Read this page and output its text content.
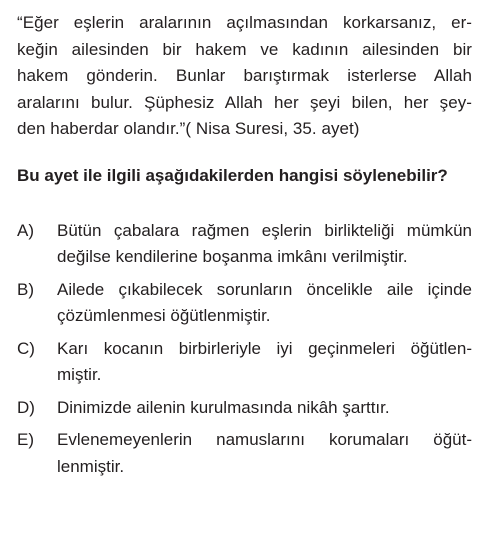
“Eğer eşlerin aralarının açılmasından korkarsanız, er-
keğin ailesinden bir hakem ve kadının ailesinden bir
hakem gönderin. Bunlar barıştırmak isterlerse Allah
aralarını bulur. Şüphesiz Allah her şeyi bilen, her şey-
den haberdar olandır.”( Nisa Suresi, 35. ayet)

Bu ayet ile ilgili aşağıdakilerden hangisi söylenebilir?
A)	Bütün çabalara rağmen eşlerin birlikteliği mümkün
değilse kendilerine boşanma imkânı verilmiştir.
B)	Ailede çıkabilecek sorunların öncelikle aile içinde
çözümlenmesi öğütlenmiştir.
C)	Karı kocanın birbirleriyle iyi geçinmeleri öğütlen-
miştir.
D)	Dinimizde ailenin kurulmasında nikâh şarttır.
E)	Evlenemeyenlerin namuslarını korumaları öğüt-
lenmiştir.
